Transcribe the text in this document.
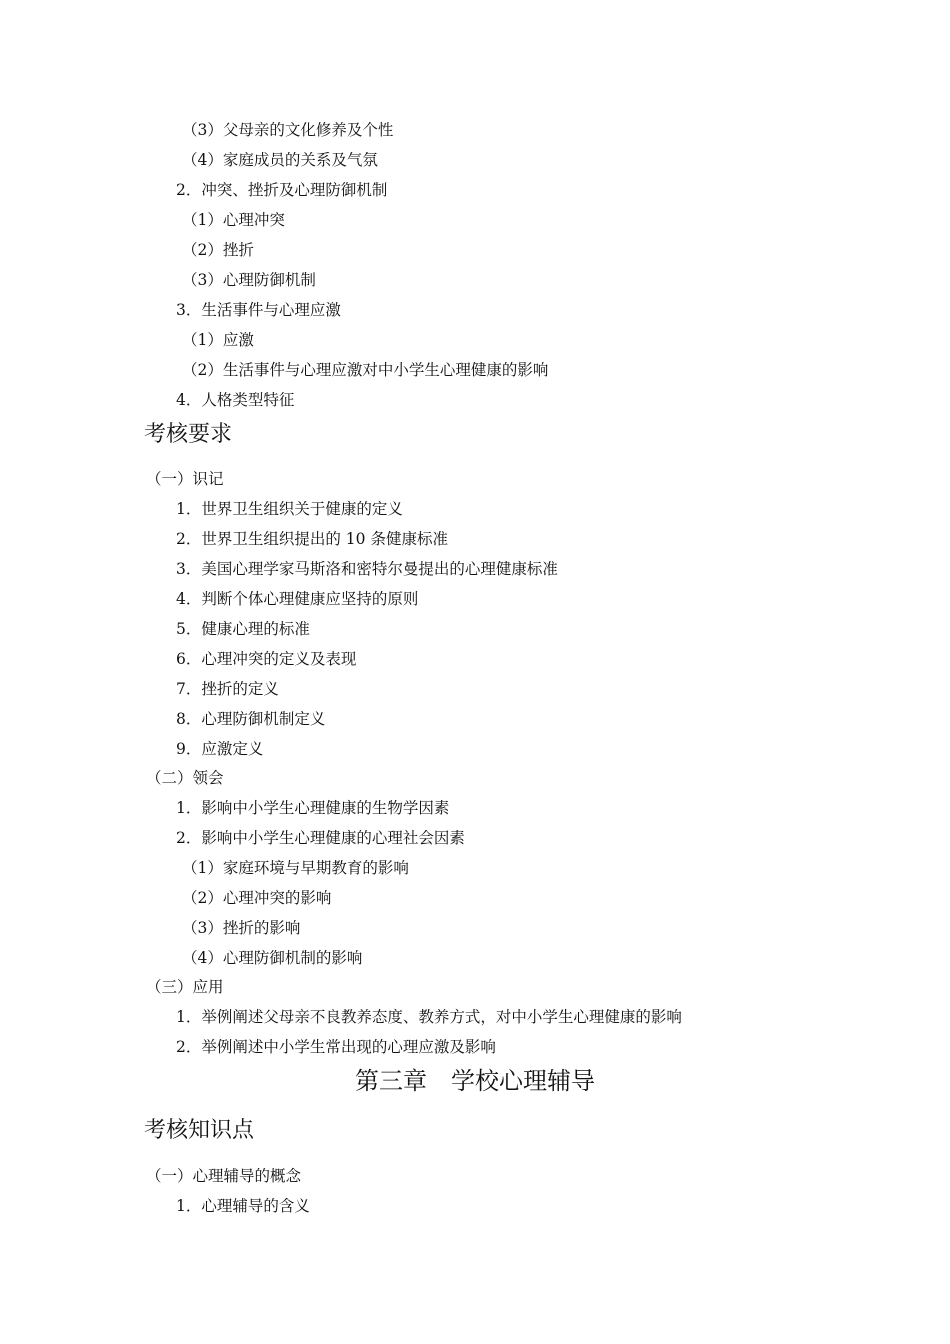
（3）父母亲的文化修养及个性
（4）家庭成员的关系及气氛
2．冲突、挫折及心理防御机制
（1）心理冲突
（2）挫折
（3）心理防御机制
3．生活事件与心理应激
（1）应激
（2）生活事件与心理应激对中小学生心理健康的影响
4．人格类型特征
考核要求
（一）识记
1．世界卫生组织关于健康的定义
2．世界卫生组织提出的 10 条健康标准
3．美国心理学家马斯洛和密特尔曼提出的心理健康标准
4．判断个体心理健康应坚持的原则
5．健康心理的标准
6．心理冲突的定义及表现
7．挫折的定义
8．心理防御机制定义
9．应激定义
（二）领会
1．影响中小学生心理健康的生物学因素
2．影响中小学生心理健康的心理社会因素
（1）家庭环境与早期教育的影响
（2）心理冲突的影响
（3）挫折的影响
（4）心理防御机制的影响
（三）应用
1．举例阐述父母亲不良教养态度、教养方式，对中小学生心理健康的影响
2．举例阐述中小学生常出现的心理应激及影响
第三章　学校心理辅导
考核知识点
（一）心理辅导的概念
1．心理辅导的含义
